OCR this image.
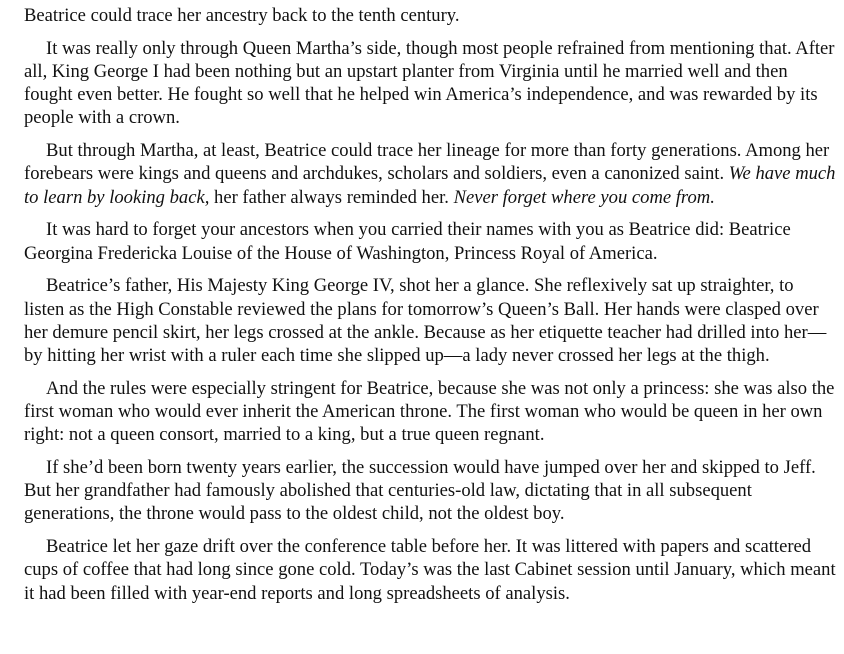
Beatrice could trace her ancestry back to the tenth century.

It was really only through Queen Martha’s side, though most people refrained from mentioning that. After all, King George I had been nothing but an upstart planter from Virginia until he married well and then fought even better. He fought so well that he helped win America’s independence, and was rewarded by its people with a crown.

But through Martha, at least, Beatrice could trace her lineage for more than forty generations. Among her forebears were kings and queens and archdukes, scholars and soldiers, even a canonized saint. We have much to learn by looking back, her father always reminded her. Never forget where you come from.

It was hard to forget your ancestors when you carried their names with you as Beatrice did: Beatrice Georgina Fredericka Louise of the House of Washington, Princess Royal of America.

Beatrice’s father, His Majesty King George IV, shot her a glance. She reflexively sat up straighter, to listen as the High Constable reviewed the plans for tomorrow’s Queen’s Ball. Her hands were clasped over her demure pencil skirt, her legs crossed at the ankle. Because as her etiquette teacher had drilled into her—by hitting her wrist with a ruler each time she slipped up—a lady never crossed her legs at the thigh.

And the rules were especially stringent for Beatrice, because she was not only a princess: she was also the first woman who would ever inherit the American throne. The first woman who would be queen in her own right: not a queen consort, married to a king, but a true queen regnant.

If she’d been born twenty years earlier, the succession would have jumped over her and skipped to Jeff. But her grandfather had famously abolished that centuries-old law, dictating that in all subsequent generations, the throne would pass to the oldest child, not the oldest boy.

Beatrice let her gaze drift over the conference table before her. It was littered with papers and scattered cups of coffee that had long since gone cold. Today’s was the last Cabinet session until January, which meant it had been filled with year-end reports and long spreadsheets of analysis.
